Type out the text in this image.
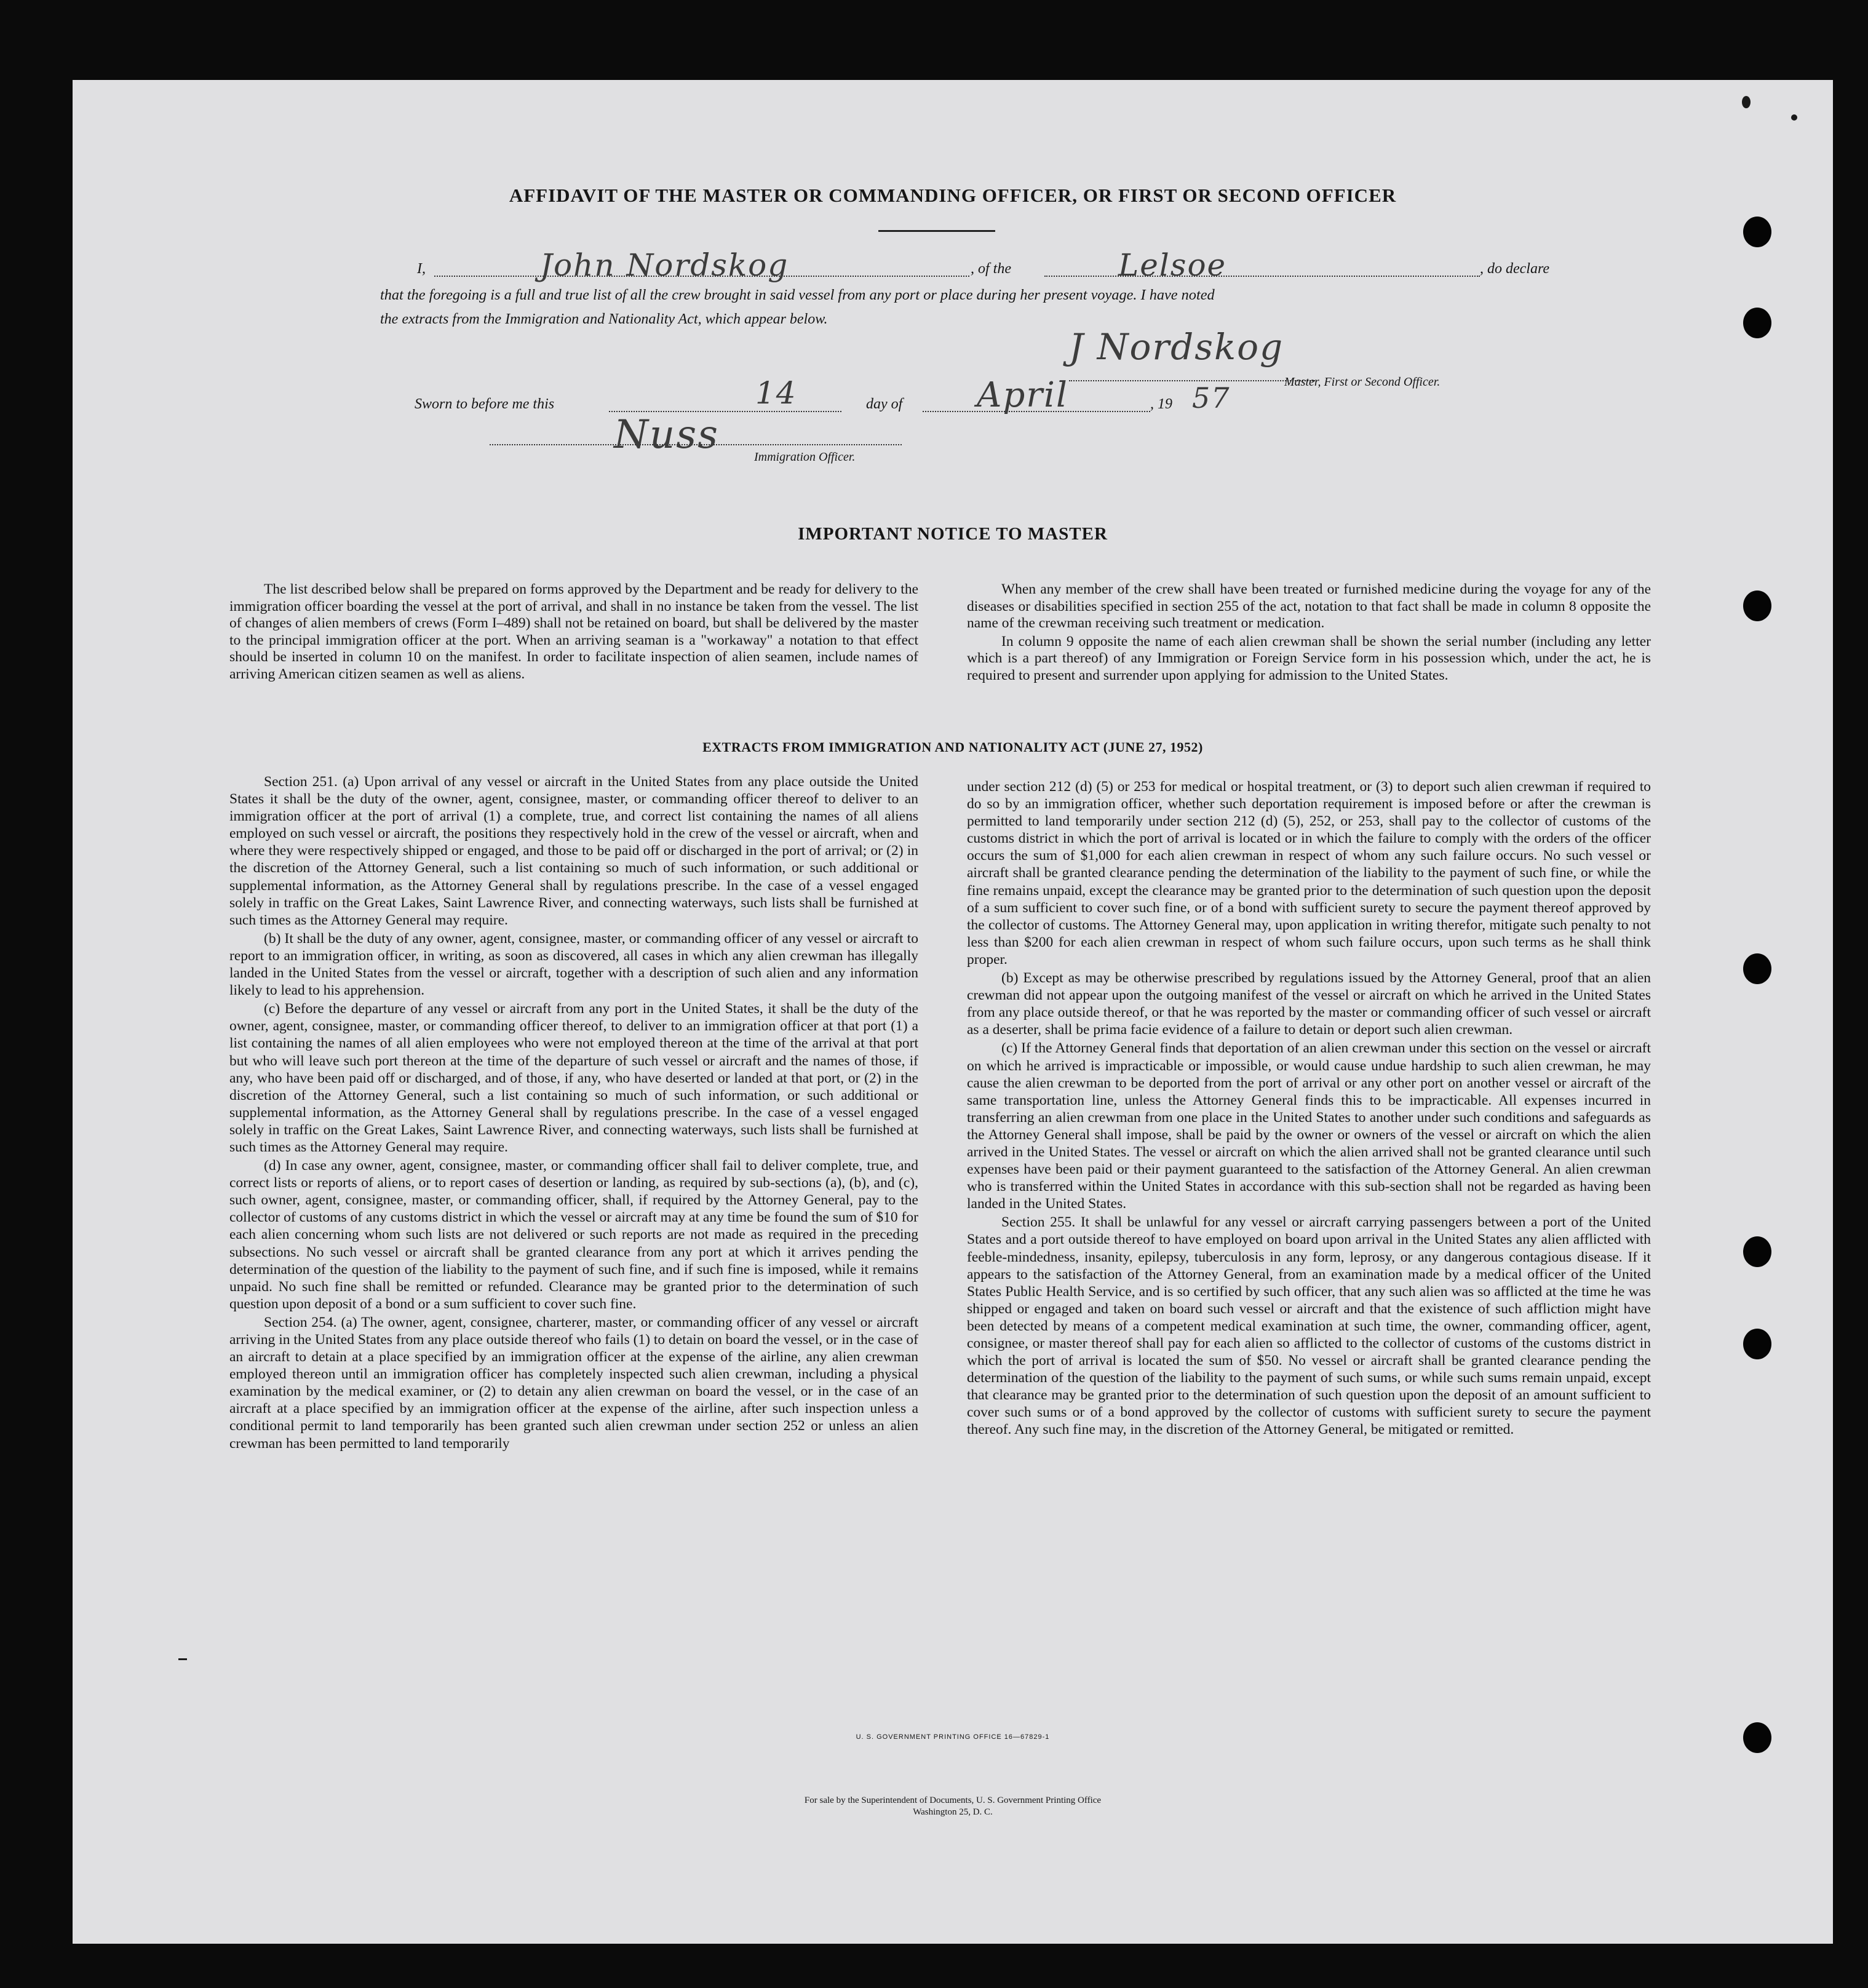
AFFIDAVIT OF THE MASTER OR COMMANDING OFFICER, OR FIRST OR SECOND OFFICER
I,	John Nordskog	, of the	Lelsoe	, do declare
that the foregoing is a full and true list of all the crew brought in said vessel from any port or place during her present voyage. I have noted
the extracts from the Immigration and Nationality Act, which appear below.
J Nordskog
Master, First or Second Officer.
Sworn to before me this	14	day of April	, 19 57
Nuss	Immigration Officer.
IMPORTANT NOTICE TO MASTER

The list described below shall be prepared on forms approved by the Department and be ready for delivery to the immigration officer boarding the vessel at the port of arrival, and shall in no instance be taken from the vessel. The list of changes of alien members of crews (Form I–489) shall not be retained on board, but shall be delivered by the master to the principal immigration officer at the port. When an arriving seaman is a "workaway" a notation to that effect should be inserted in column 10 on the manifest. In order to facilitate inspection of alien seamen, include names of arriving American citizen seamen as well as aliens.

When any member of the crew shall have been treated or furnished medicine during the voyage for any of the diseases or disabilities specified in section 255 of the act, notation to that fact shall be made in column 8 opposite the name of the crewman receiving such treatment or medication.

In column 9 opposite the name of each alien crewman shall be shown the serial number (including any letter which is a part thereof) of any Immigration or Foreign Service form in his possession which, under the act, he is required to present and surrender upon applying for admission to the United States.

EXTRACTS FROM IMMIGRATION AND NATIONALITY ACT (JUNE 27, 1952)

Section 251. (a) Upon arrival of any vessel or aircraft in the United States from any place outside the United States it shall be the duty of the owner, agent, consignee, master, or commanding officer thereof to deliver to an immigration officer at the port of arrival (1) a complete, true, and correct list containing the names of all aliens employed on such vessel or aircraft, the positions they respectively hold in the crew of the vessel or aircraft, when and where they were respectively shipped or engaged, and those to be paid off or discharged in the port of arrival; or (2) in the discretion of the Attorney General, such a list containing so much of such information, or such additional or supplemental information, as the Attorney General shall by regulations prescribe. In the case of a vessel engaged solely in traffic on the Great Lakes, Saint Lawrence River, and connecting waterways, such lists shall be furnished at such times as the Attorney General may require.

(b) It shall be the duty of any owner, agent, consignee, master, or commanding officer of any vessel or aircraft to report to an immigration officer, in writing, as soon as discovered, all cases in which any alien crewman has illegally landed in the United States from the vessel or aircraft, together with a description of such alien and any information likely to lead to his apprehension.

(c) Before the departure of any vessel or aircraft from any port in the United States, it shall be the duty of the owner, agent, consignee, master, or commanding officer thereof, to deliver to an immigration officer at that port (1) a list containing the names of all alien employees who were not employed thereon at the time of the arrival at that port but who will leave such port thereon at the time of the departure of such vessel or aircraft and the names of those, if any, who have been paid off or discharged, and of those, if any, who have deserted or landed at that port, or (2) in the discretion of the Attorney General, such a list containing so much of such information, or such additional or supplemental information, as the Attorney General shall by regulations prescribe. In the case of a vessel engaged solely in traffic on the Great Lakes, Saint Lawrence River, and connecting waterways, such lists shall be furnished at such times as the Attorney General may require.

(d) In case any owner, agent, consignee, master, or commanding officer shall fail to deliver complete, true, and correct lists or reports of aliens, or to report cases of desertion or landing, as required by sub-sections (a), (b), and (c), such owner, agent, consignee, master, or commanding officer, shall, if required by the Attorney General, pay to the collector of customs of any customs district in which the vessel or aircraft may at any time be found the sum of $10 for each alien concerning whom such lists are not delivered or such reports are not made as required in the preceding subsections. No such vessel or aircraft shall be granted clearance from any port at which it arrives pending the determination of the question of the liability to the payment of such fine, and if such fine is imposed, while it remains unpaid. No such fine shall be remitted or refunded. Clearance may be granted prior to the determination of such question upon deposit of a bond or a sum sufficient to cover such fine.

Section 254. (a) The owner, agent, consignee, charterer, master, or commanding officer of any vessel or aircraft arriving in the United States from any place outside thereof who fails (1) to detain on board the vessel, or in the case of an aircraft to detain at a place specified by an immigration officer at the expense of the airline, any alien crewman employed thereon until an immigration officer has completely inspected such alien crewman, including a physical examination by the medical examiner, or (2) to detain any alien crewman on board the vessel, or in the case of an aircraft at a place specified by an immigration officer at the expense of the airline, after such inspection unless a conditional permit to land temporarily has been granted such alien crewman under section 252 or unless an alien crewman has been permitted to land temporarily

under section 212 (d) (5) or 253 for medical or hospital treatment, or (3) to deport such alien crewman if required to do so by an immigration officer, whether such deportation requirement is imposed before or after the crewman is permitted to land temporarily under section 212 (d) (5), 252, or 253, shall pay to the collector of customs of the customs district in which the port of arrival is located or in which the failure to comply with the orders of the officer occurs the sum of $1,000 for each alien crewman in respect of whom any such failure occurs. No such vessel or aircraft shall be granted clearance pending the determination of the liability to the payment of such fine, or while the fine remains unpaid, except the clearance may be granted prior to the determination of such question upon the deposit of a sum sufficient to cover such fine, or of a bond with sufficient surety to secure the payment thereof approved by the collector of customs. The Attorney General may, upon application in writing therefor, mitigate such penalty to not less than $200 for each alien crewman in respect of whom such failure occurs, upon such terms as he shall think proper.

(b) Except as may be otherwise prescribed by regulations issued by the Attorney General, proof that an alien crewman did not appear upon the outgoing manifest of the vessel or aircraft on which he arrived in the United States from any place outside thereof, or that he was reported by the master or commanding officer of such vessel or aircraft as a deserter, shall be prima facie evidence of a failure to detain or deport such alien crewman.

(c) If the Attorney General finds that deportation of an alien crewman under this section on the vessel or aircraft on which he arrived is impracticable or impossible, or would cause undue hardship to such alien crewman, he may cause the alien crewman to be deported from the port of arrival or any other port on another vessel or aircraft of the same transportation line, unless the Attorney General finds this to be impracticable. All expenses incurred in transferring an alien crewman from one place in the United States to another under such conditions and safeguards as the Attorney General shall impose, shall be paid by the owner or owners of the vessel or aircraft on which the alien arrived in the United States. The vessel or aircraft on which the alien arrived shall not be granted clearance until such expenses have been paid or their payment guaranteed to the satisfaction of the Attorney General. An alien crewman who is transferred within the United States in accordance with this sub-section shall not be regarded as having been landed in the United States.

Section 255. It shall be unlawful for any vessel or aircraft carrying passengers between a port of the United States and a port outside thereof to have employed on board upon arrival in the United States any alien afflicted with feeble-mindedness, insanity, epilepsy, tuberculosis in any form, leprosy, or any dangerous contagious disease. If it appears to the satisfaction of the Attorney General, from an examination made by a medical officer of the United States Public Health Service, and is so certified by such officer, that any such alien was so afflicted at the time he was shipped or engaged and taken on board such vessel or aircraft and that the existence of such affliction might have been detected by means of a competent medical examination at such time, the owner, commanding officer, agent, consignee, or master thereof shall pay for each alien so afflicted to the collector of customs of the customs district in which the port of arrival is located the sum of $50. No vessel or aircraft shall be granted clearance pending the determination of the question of the liability to the payment of such sums, or while such sums remain unpaid, except that clearance may be granted prior to the determination of such question upon the deposit of an amount sufficient to cover such sums or of a bond approved by the collector of customs with sufficient surety to secure the payment thereof. Any such fine may, in the discretion of the Attorney General, be mitigated or remitted.

U. S. GOVERNMENT PRINTING OFFICE 16—67829-1
For sale by the Superintendent of Documents, U. S. Government Printing Office
Washington 25, D. C.
